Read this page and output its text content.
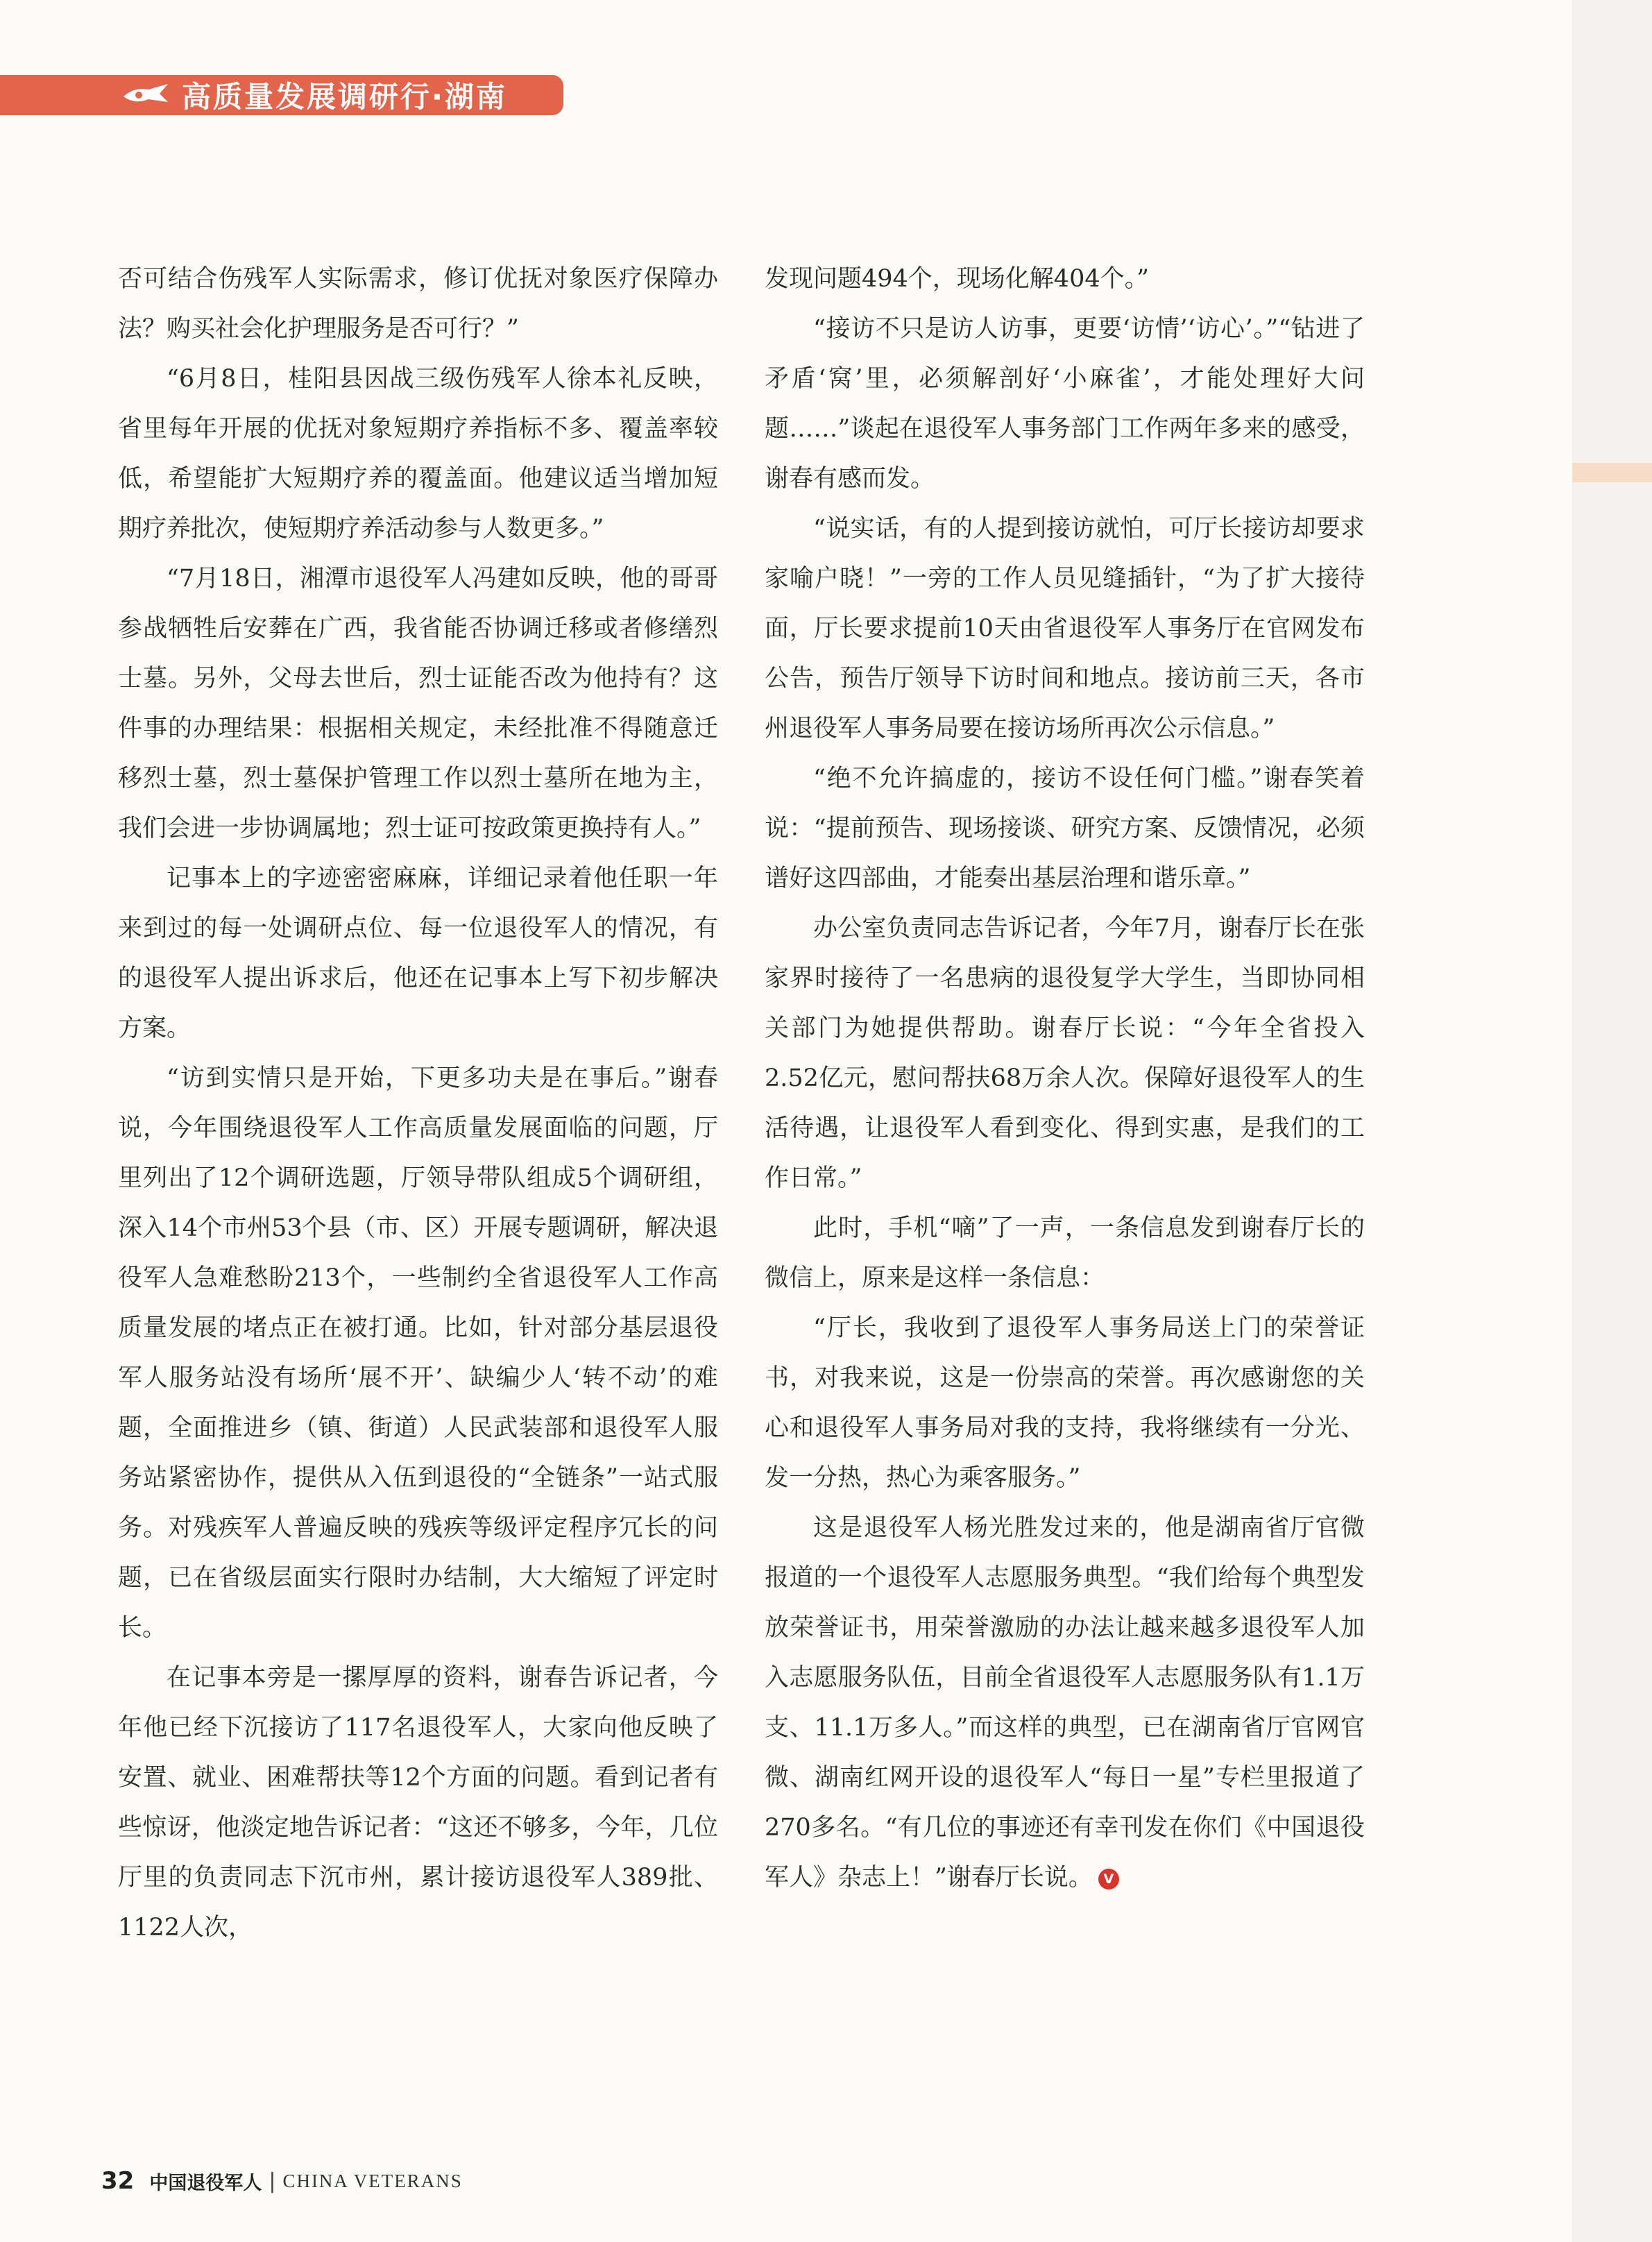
高质量发展调研行·湖南

否可结合伤残军人实际需求，修订优抚对象医疗保障办法？购买社会化护理服务是否可行？”

“6月8日，桂阳县因战三级伤残军人徐本礼反映，省里每年开展的优抚对象短期疗养指标不多、覆盖率较低，希望能扩大短期疗养的覆盖面。他建议适当增加短期疗养批次，使短期疗养活动参与人数更多。”

“7月18日，湘潭市退役军人冯建如反映，他的哥哥参战牺牲后安葬在广西，我省能否协调迁移或者修缮烈士墓。另外，父母去世后，烈士证能否改为他持有？这件事的办理结果：根据相关规定，未经批准不得随意迁移烈士墓，烈士墓保护管理工作以烈士墓所在地为主，我们会进一步协调属地；烈士证可按政策更换持有人。”

记事本上的字迹密密麻麻，详细记录着他任职一年来到过的每一处调研点位、每一位退役军人的情况，有的退役军人提出诉求后，他还在记事本上写下初步解决方案。

“访到实情只是开始，下更多功夫是在事后。”谢春说，今年围绕退役军人工作高质量发展面临的问题，厅里列出了12个调研选题，厅领导带队组成5个调研组，深入14个市州53个县（市、区）开展专题调研，解决退役军人急难愁盼213个，一些制约全省退役军人工作高质量发展的堵点正在被打通。比如，针对部分基层退役军人服务站没有场所‘展不开’、缺编少人‘转不动’的难题，全面推进乡（镇、街道）人民武装部和退役军人服务站紧密协作，提供从入伍到退役的“全链条”一站式服务。对残疾军人普遍反映的残疾等级评定程序冗长的问题，已在省级层面实行限时办结制，大大缩短了评定时长。

在记事本旁是一摞厚厚的资料，谢春告诉记者，今年他已经下沉接访了117名退役军人，大家向他反映了安置、就业、困难帮扶等12个方面的问题。看到记者有些惊讶，他淡定地告诉记者：“这还不够多，今年，几位厅里的负责同志下沉市州，累计接访退役军人389批、1122人次，

发现问题494个，现场化解404个。”

“接访不只是访人访事，更要‘访情’‘访心’。”“钻进了矛盾‘窝’里，必须解剖好‘小麻雀’，才能处理好大问题……”谈起在退役军人事务部门工作两年多来的感受，谢春有感而发。

“说实话，有的人提到接访就怕，可厅长接访却要求家喻户晓！”一旁的工作人员见缝插针，“为了扩大接待面，厅长要求提前10天由省退役军人事务厅在官网发布公告，预告厅领导下访时间和地点。接访前三天，各市州退役军人事务局要在接访场所再次公示信息。”

“绝不允许搞虚的，接访不设任何门槛。”谢春笑着说：“提前预告、现场接谈、研究方案、反馈情况，必须谱好这四部曲，才能奏出基层治理和谐乐章。”

办公室负责同志告诉记者，今年7月，谢春厅长在张家界时接待了一名患病的退役复学大学生，当即协同相关部门为她提供帮助。谢春厅长说：“今年全省投入2.52亿元，慰问帮扶68万余人次。保障好退役军人的生活待遇，让退役军人看到变化、得到实惠，是我们的工作日常。”

此时，手机“嘀”了一声，一条信息发到谢春厅长的微信上，原来是这样一条信息：

“厅长，我收到了退役军人事务局送上门的荣誉证书，对我来说，这是一份崇高的荣誉。再次感谢您的关心和退役军人事务局对我的支持，我将继续有一分光、发一分热，热心为乘客服务。”

这是退役军人杨光胜发过来的，他是湖南省厅官微报道的一个退役军人志愿服务典型。“我们给每个典型发放荣誉证书，用荣誉激励的办法让越来越多退役军人加入志愿服务队伍，目前全省退役军人志愿服务队有1.1万支、11.1万多人。”而这样的典型，已在湖南省厅官网官微、湖南红网开设的退役军人“每日一星”专栏里报道了270多名。“有几位的事迹还有幸刊发在你们《中国退役军人》杂志上！”谢春厅长说。 V

32 中国退役军人 | CHINA VETERANS
